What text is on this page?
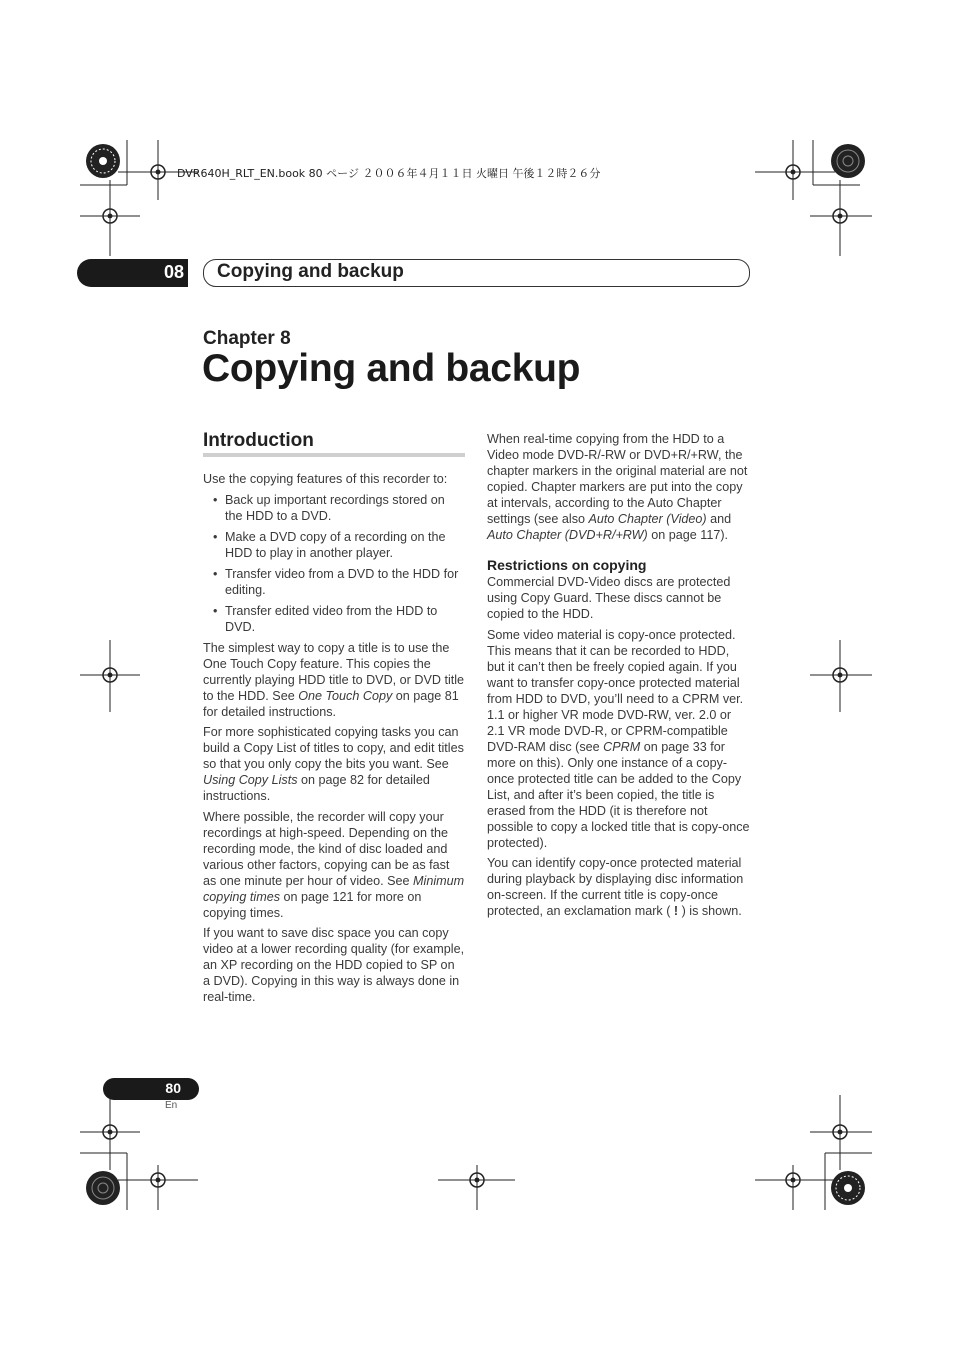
DVR640H_RLT_EN.book 80 ページ ２００６年４月１１日 火曜日 午後１２時２６分
08 Copying and backup
Chapter 8
Copying and backup
Introduction

Use the copying features of this recorder to:

• Back up important recordings stored on the HDD to a DVD.
• Make a DVD copy of a recording on the HDD to play in another player.
• Transfer video from a DVD to the HDD for editing.
• Transfer edited video from the HDD to DVD.

The simplest way to copy a title is to use the One Touch Copy feature. This copies the currently playing HDD title to DVD, or DVD title to the HDD. See One Touch Copy on page 81 for detailed instructions.

For more sophisticated copying tasks you can build a Copy List of titles to copy, and edit titles so that you only copy the bits you want. See Using Copy Lists on page 82 for detailed instructions.

Where possible, the recorder will copy your recordings at high-speed. Depending on the recording mode, the kind of disc loaded and various other factors, copying can be as fast as one minute per hour of video. See Minimum copying times on page 121 for more on copying times.

If you want to save disc space you can copy video at a lower recording quality (for example, an XP recording on the HDD copied to SP on a DVD). Copying in this way is always done in real-time.

When real-time copying from the HDD to a Video mode DVD-R/-RW or DVD+R/+RW, the chapter markers in the original material are not copied. Chapter markers are put into the copy at intervals, according to the Auto Chapter settings (see also Auto Chapter (Video) and Auto Chapter (DVD+R/+RW) on page 117).

Restrictions on copying

Commercial DVD-Video discs are protected using Copy Guard. These discs cannot be copied to the HDD.

Some video material is copy-once protected. This means that it can be recorded to HDD, but it can’t then be freely copied again. If you want to transfer copy-once protected material from HDD to DVD, you’ll need to a CPRM ver. 1.1 or higher VR mode DVD-RW, ver. 2.0 or 2.1 VR mode DVD-R, or CPRM-compatible DVD-RAM disc (see CPRM on page 33 for more on this). Only one instance of a copy-once protected title can be added to the Copy List, and after it’s been copied, the title is erased from the HDD (it is therefore not possible to copy a locked title that is copy-once protected).

You can identify copy-once protected material during playback by displaying disc information on-screen. If the current title is copy-once protected, an exclamation mark ( ! ) is shown.

80
En
